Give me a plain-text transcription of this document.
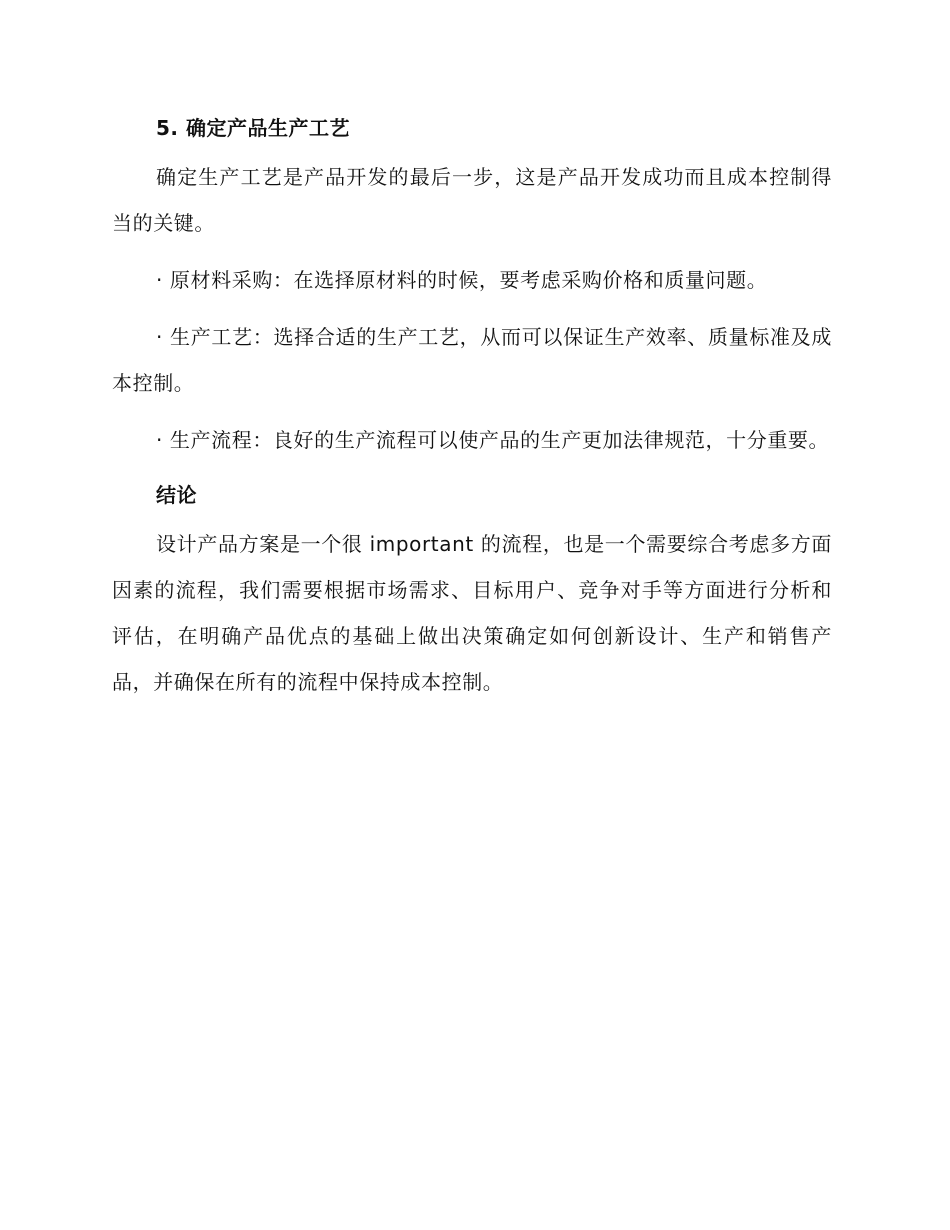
5. 确定产品生产工艺

确定生产工艺是产品开发的最后一步，这是产品开发成功而且成本控制得当的关键。

· 原材料采购：在选择原材料的时候，要考虑采购价格和质量问题。

· 生产工艺：选择合适的生产工艺，从而可以保证生产效率、质量标准及成本控制。

· 生产流程：良好的生产流程可以使产品的生产更加法律规范，十分重要。

结论

设计产品方案是一个很 important 的流程，也是一个需要综合考虑多方面因素的流程，我们需要根据市场需求、目标用户、竞争对手等方面进行分析和评估，在明确产品优点的基础上做出决策确定如何创新设计、生产和销售产品，并确保在所有的流程中保持成本控制。
